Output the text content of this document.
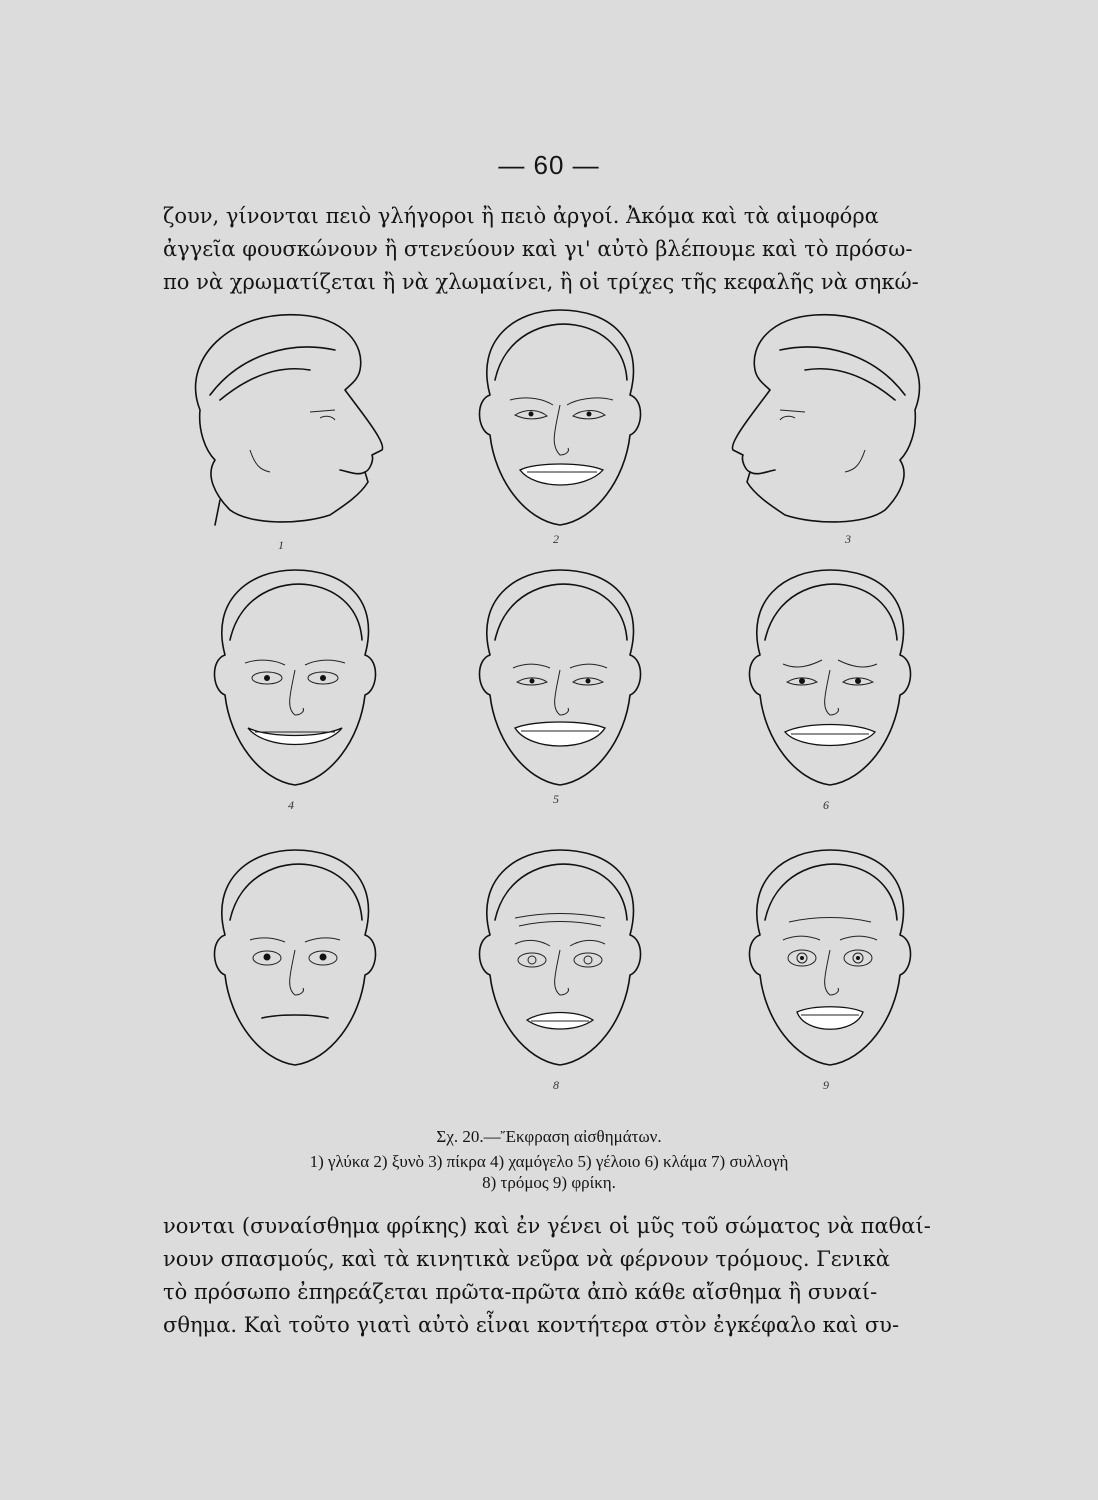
— 60 —
ζουν, γίνονται πειὸ γλήγοροι ἢ πειὸ ἀργοί. Ἀκόμα καὶ τὰ αἱμοφόρα
ἀγγεῖα φουσκώνουν ἢ στενεύουν καὶ γι' αὐτὸ βλέπουμε καὶ τὸ πρόσω-
πο νὰ χρωματίζεται ἢ νὰ χλωμαίνει, ἢ οἱ τρίχες τῆς κεφαλῆς νὰ σηκώ-
1	2	3
4	5	6
8	9
Σχ. 20.—Ἔκφραση αἰσθημάτων.
1) γλύκα 2) ξυνὸ 3) πίκρα 4) χαμόγελο 5) γέλοιο 6) κλάμα 7) συλλογὴ
8) τρόμος 9) φρίκη.
νονται (συναίσθημα φρίκης) καὶ ἐν γένει οἱ μῦς τοῦ σώματος νὰ παθαί-
νουν σπασμούς, καὶ τὰ κινητικὰ νεῦρα νὰ φέρνουν τρόμους. Γενικὰ
τὸ πρόσωπο ἐπηρεάζεται πρῶτα-πρῶτα ἀπὸ κάθε αἴσθημα ἢ συναί-
σθημα. Καὶ τοῦτο γιατὶ αὐτὸ εἶναι κοντήτερα στὸν ἐγκέφαλο καὶ συ-
